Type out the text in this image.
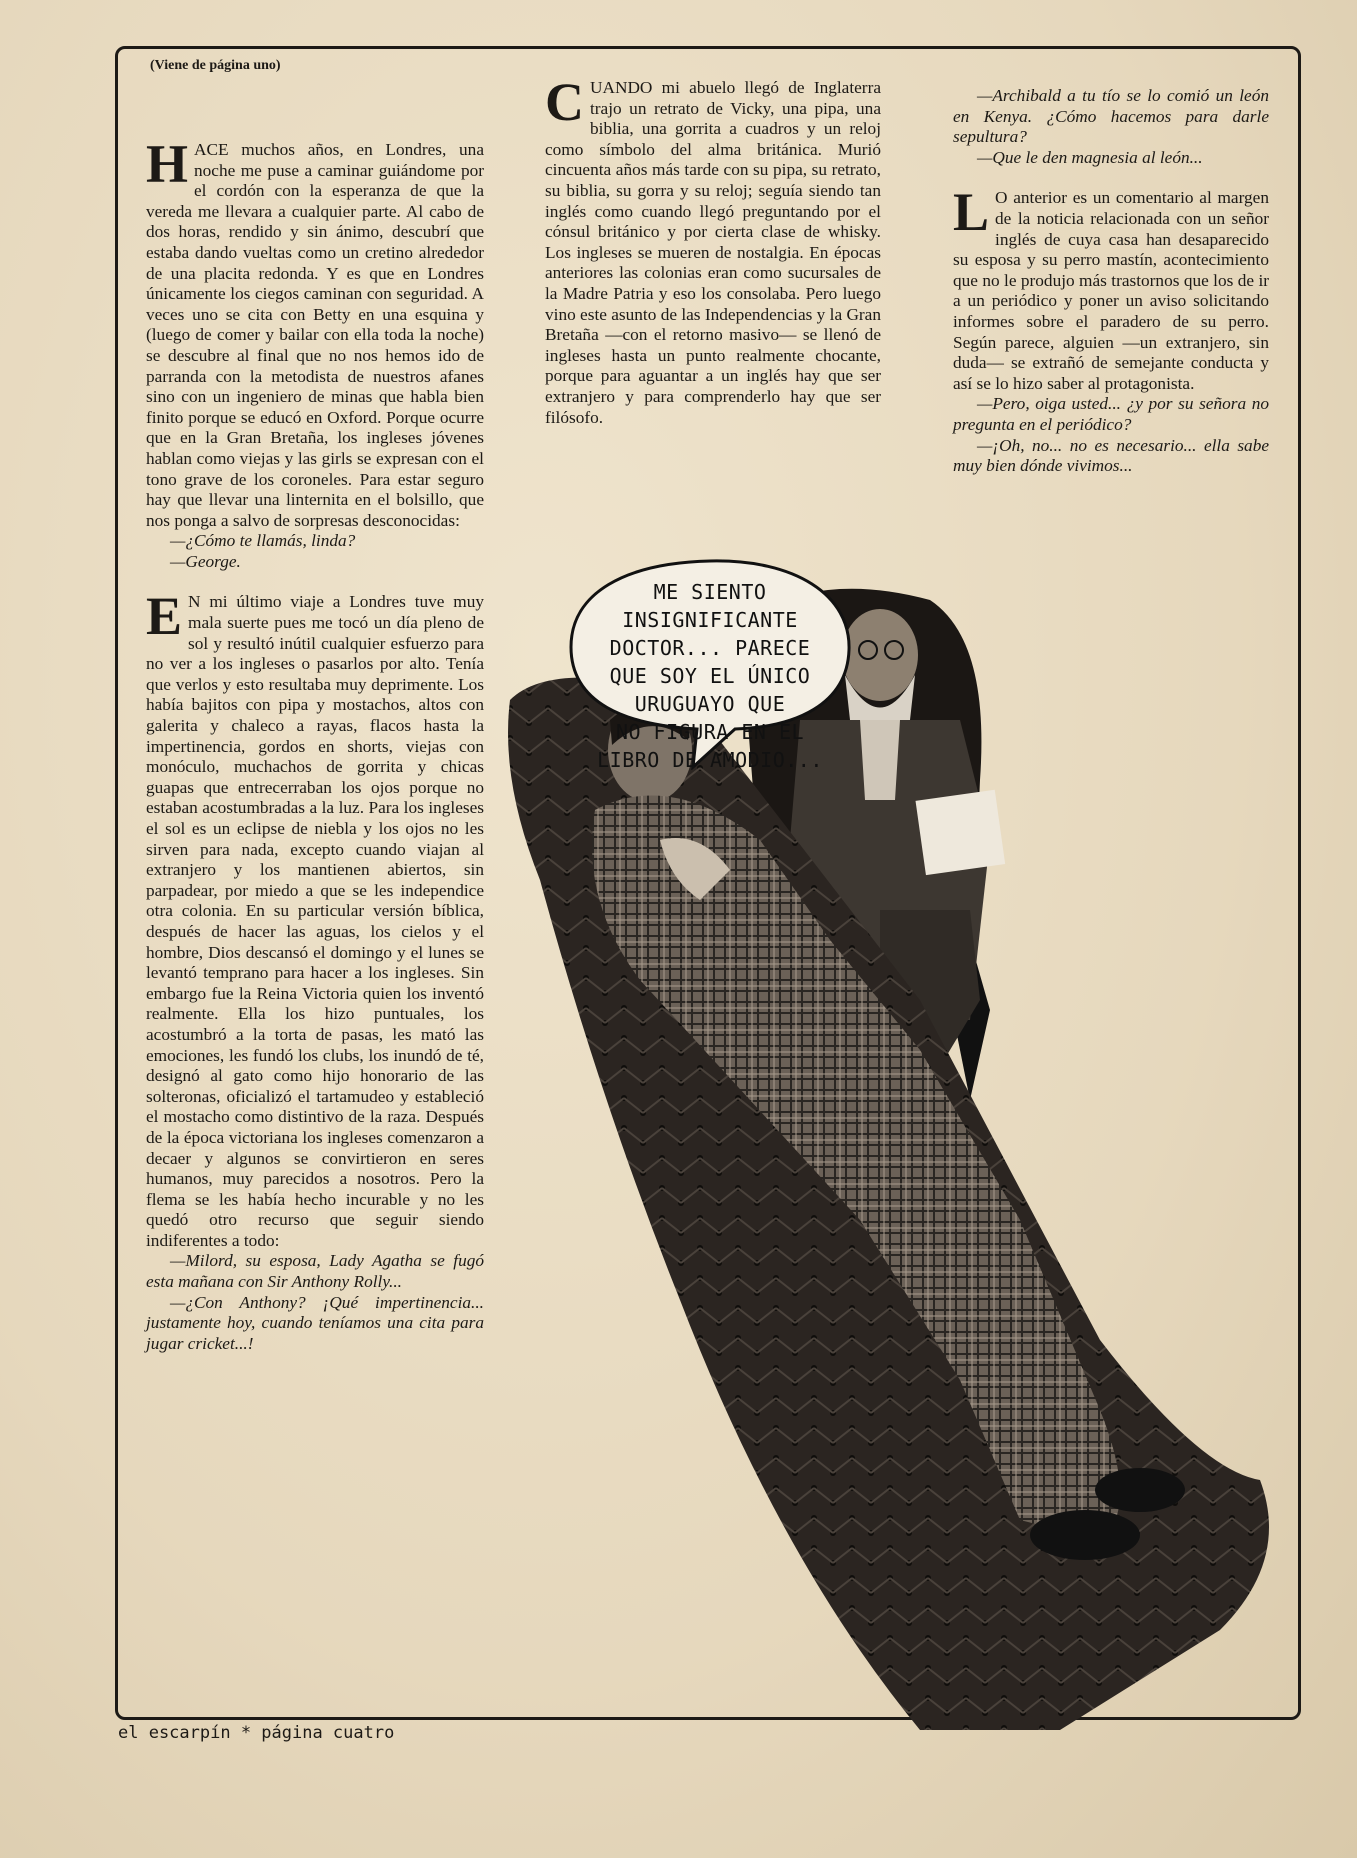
(Viene de página uno)

HACE muchos años, en Londres, una noche me puse a caminar guiándome por el cordón con la esperanza de que la vereda me llevara a cualquier parte. Al cabo de dos horas, rendido y sin ánimo, descubrí que estaba dando vueltas como un cretino alrededor de una placita redonda. Y es que en Londres únicamente los ciegos caminan con seguridad. A veces uno se cita con Betty en una esquina y (luego de comer y bailar con ella toda la noche) se descubre al final que no nos hemos ido de parranda con la metodista de nuestros afanes sino con un ingeniero de minas que habla bien finito porque se educó en Oxford. Porque ocurre que en la Gran Bretaña, los ingleses jóvenes hablan como viejas y las girls se expresan con el tono grave de los coroneles. Para estar seguro hay que llevar una linternita en el bolsillo, que nos ponga a salvo de sorpresas desconocidas:

—¿Cómo te llamás, linda?

—George.

E N mi último viaje a Londres tuve muy mala suerte pues me tocó un día pleno de sol y resultó inútil cualquier esfuerzo para no ver a los ingleses o pasarlos por alto. Tenía que verlos y esto resultaba muy deprimente. Los había bajitos con pipa y mostachos, altos con galerita y chaleco a rayas, flacos hasta la impertinencia, gordos en shorts, viejas con monóculo, muchachos de gorrita y chicas guapas que entrecerraban los ojos porque no estaban acostumbradas a la luz. Para los ingleses el sol es un eclipse de niebla y los ojos no les sirven para nada, excepto cuando viajan al extranjero y los mantienen abiertos, sin parpadear, por miedo a que se les independice otra colonia. En su particular versión bíblica, después de hacer las aguas, los cielos y el hombre, Dios descansó el domingo y el lunes se levantó temprano para hacer a los ingleses. Sin embargo fue la Reina Victoria quien los inventó realmente. Ella los hizo puntuales, los acostumbró a la torta de pasas, les mató las emociones, les fundó los clubs, los inundó de té, designó al gato como hijo honorario de las solteronas, oficializó el tartamudeo y estableció el mostacho como distintivo de la raza. Después de la época victoriana los ingleses comenzaron a decaer y algunos se convirtieron en seres humanos, muy parecidos a nosotros. Pero la flema se les había hecho incurable y no les quedó otro recurso que seguir siendo indiferentes a todo:

—Milord, su esposa, Lady Agatha se fugó esta mañana con Sir Anthony Rolly...

—¿Con Anthony? ¡Qué impertinencia... justamente hoy, cuando teníamos una cita para jugar cricket...!

CUANDO mi abuelo llegó de Inglaterra trajo un retrato de Vicky, una pipa, una biblia, una gorrita a cuadros y un reloj como símbolo del alma británica. Murió cincuenta años más tarde con su pipa, su retrato, su biblia, su gorra y su reloj; seguía siendo tan inglés como cuando llegó preguntando por el cónsul británico y por cierta clase de whisky. Los ingleses se mueren de nostalgia. En épocas anteriores las colonias eran como sucursales de la Madre Patria y eso los consolaba. Pero luego vino este asunto de las Independencias y la Gran Bretaña —con el retorno masivo— se llenó de ingleses hasta un punto realmente chocante, porque para aguantar a un inglés hay que ser extranjero y para comprenderlo hay que ser filósofo.

—Archibald a tu tío se lo comió un león en Kenya. ¿Cómo hacemos para darle sepultura?

—Que le den magnesia al león...

L O anterior es un comentario al margen de la noticia relacionada con un señor inglés de cuya casa han desaparecido su esposa y su perro mastín, acontecimiento que no le produjo más trastornos que los de ir a un periódico y poner un aviso solicitando informes sobre el paradero de su perro. Según parece, alguien —un extranjero, sin duda— se extrañó de semejante conducta y así se lo hizo saber al protagonista.

—Pero, oiga usted... ¿y por su señora no pregunta en el periódico?

—¡Oh, no... no es necesario... ella sabe muy bien dónde vivimos...

ME SIENTO
INSIGNIFICANTE
DOCTOR... PARECE
QUE SOY EL ÚNICO
URUGUAYO QUE
NO FIGURA EN EL
LIBRO DE AMODIO...
el escarpín * página cuatro
